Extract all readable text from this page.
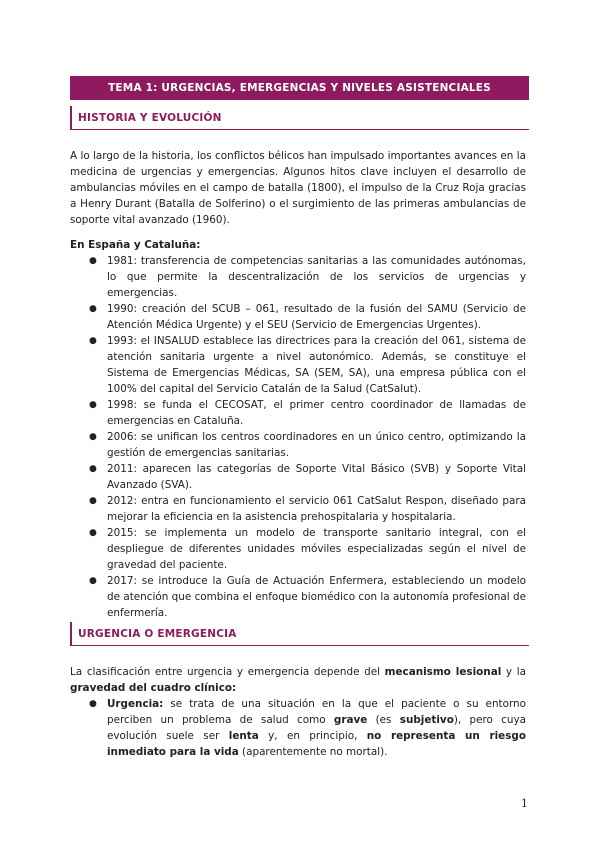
TEMA 1: URGENCIAS, EMERGENCIAS Y NIVELES ASISTENCIALES
HISTORIA Y EVOLUCIÓN

A lo largo de la historia, los conflictos bélicos han impulsado importantes avances en la medicina de urgencias y emergencias. Algunos hitos clave incluyen el desarrollo de ambulancias móviles en el campo de batalla (1800), el impulso de la Cruz Roja gracias a Henry Durant (Batalla de Solferino) o el surgimiento de las primeras ambulancias de soporte vital avanzado (1960).

En España y Cataluña:
● 1981: transferencia de competencias sanitarias a las comunidades autónomas, lo que permite la descentralización de los servicios de urgencias y emergencias.
● 1990: creación del SCUB – 061, resultado de la fusión del SAMU (Servicio de Atención Médica Urgente) y el SEU (Servicio de Emergencias Urgentes).
● 1993: el INSALUD establece las directrices para la creación del 061, sistema de atención sanitaria urgente a nivel autonómico. Además, se constituye el Sistema de Emergencias Médicas, SA (SEM, SA), una empresa pública con el 100% del capital del Servicio Catalán de la Salud (CatSalut).
● 1998: se funda el CECOSAT, el primer centro coordinador de llamadas de emergencias en Cataluña.
● 2006: se unifican los centros coordinadores en un único centro, optimizando la gestión de emergencias sanitarias.
● 2011: aparecen las categorías de Soporte Vital Básico (SVB) y Soporte Vital Avanzado (SVA).
● 2012: entra en funcionamiento el servicio 061 CatSalut Respon, diseñado para mejorar la eficiencia en la asistencia prehospitalaria y hospitalaria.
● 2015: se implementa un modelo de transporte sanitario integral, con el despliegue de diferentes unidades móviles especializadas según el nivel de gravedad del paciente.
● 2017: se introduce la Guía de Actuación Enfermera, estableciendo un modelo de atención que combina el enfoque biomédico con la autonomía profesional de enfermería.
URGENCIA O EMERGENCIA

La clasificación entre urgencia y emergencia depende del mecanismo lesional y la gravedad del cuadro clínico:

● Urgencia: se trata de una situación en la que el paciente o su entorno perciben un problema de salud como grave (es subjetivo), pero cuya evolución suele ser lenta y, en principio, no representa un riesgo inmediato para la vida (aparentemente no mortal).
1
